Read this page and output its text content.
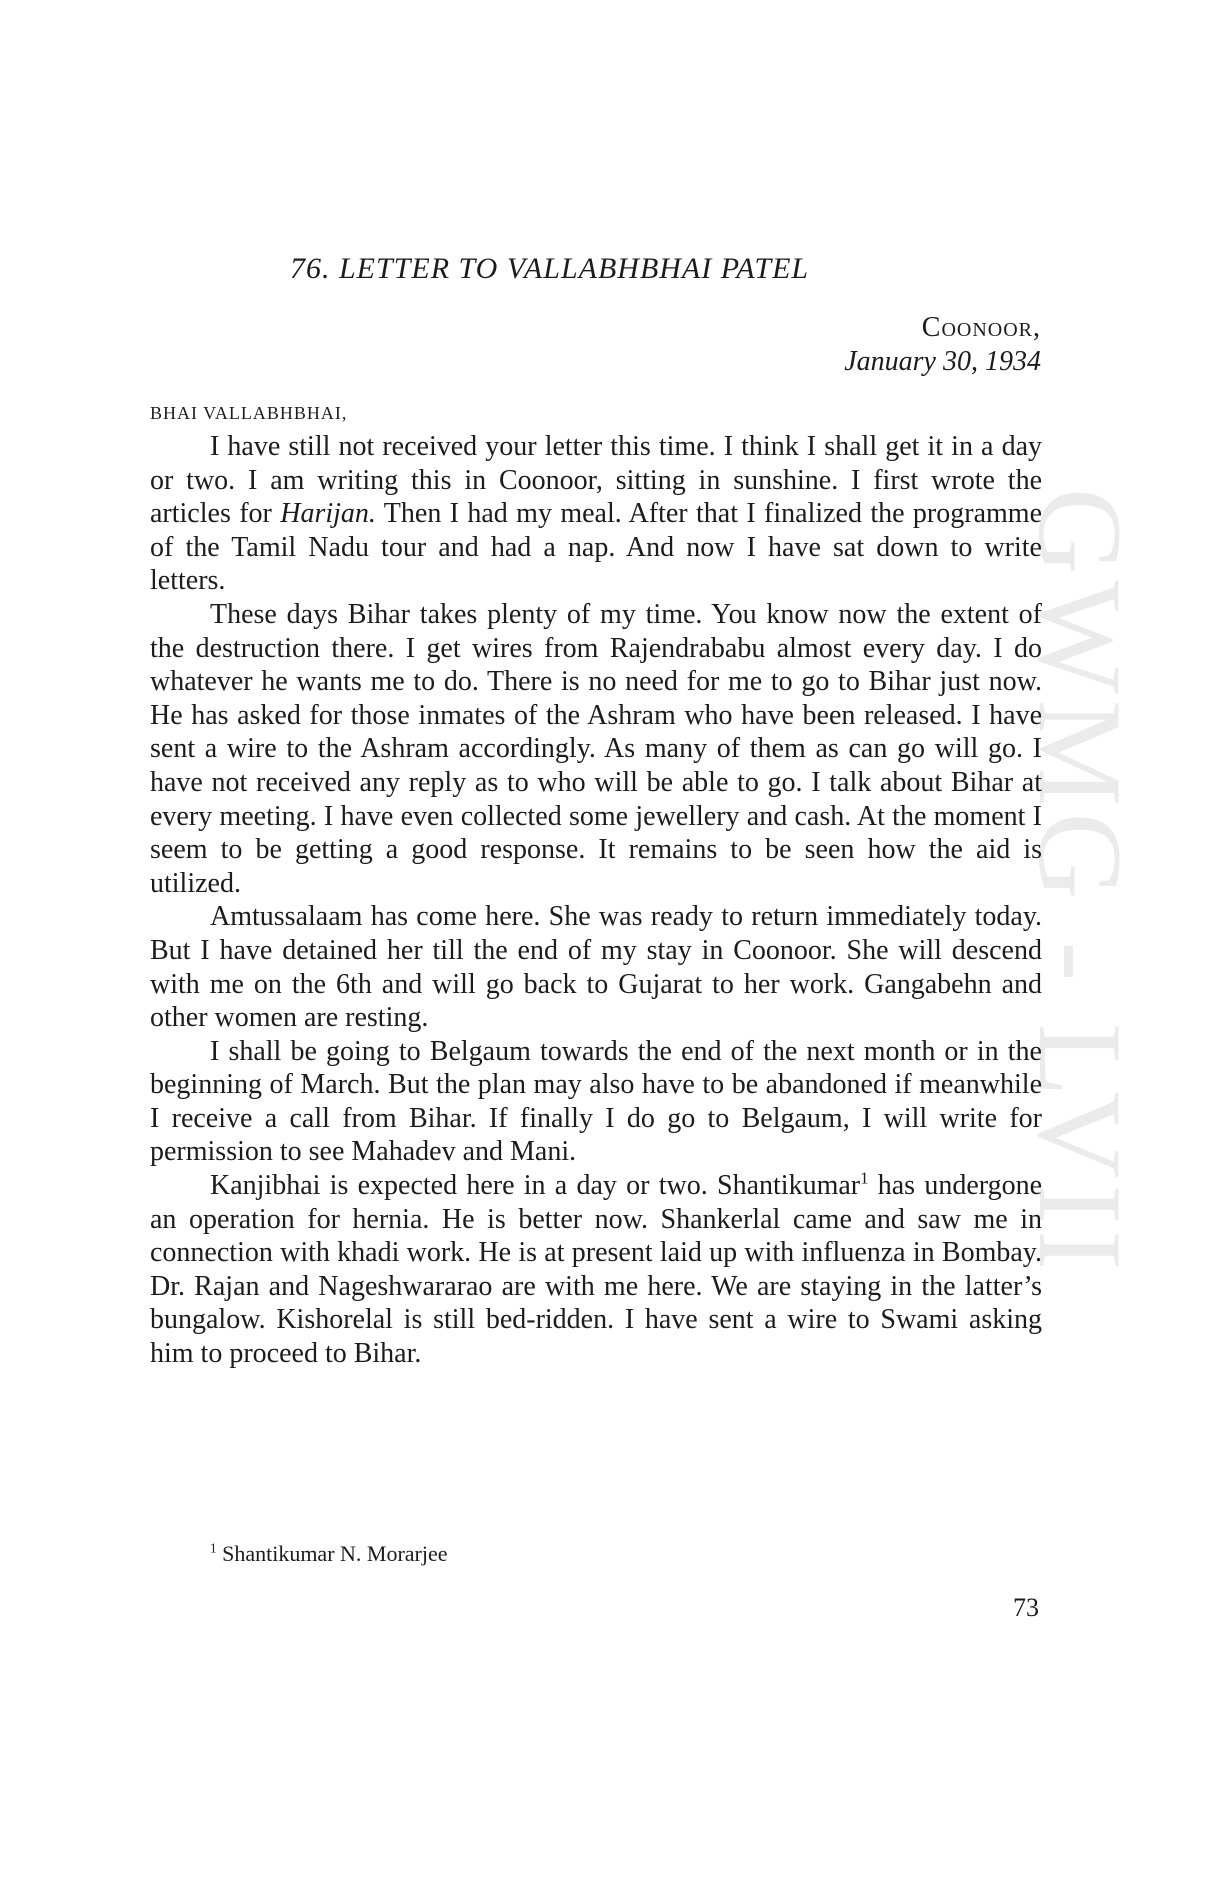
GWMG - LVII
76. LETTER TO VALLABHBHAI PATEL
Coonoor,
January 30, 1934
BHAI VALLABHBHAI,

I have still not received your letter this time. I think I shall get it in a day or two. I am writing this in Coonoor, sitting in sunshine. I first wrote the articles for Harijan. Then I had my meal. After that I finalized the programme of the Tamil Nadu tour and had a nap. And now I have sat down to write letters.

These days Bihar takes plenty of my time. You know now the extent of the destruction there. I get wires from Rajendrababu almost every day. I do whatever he wants me to do. There is no need for me to go to Bihar just now. He has asked for those inmates of the Ashram who have been released. I have sent a wire to the Ashram accordingly. As many of them as can go will go. I have not received any reply as to who will be able to go. I talk about Bihar at every meeting. I have even collected some jewellery and cash. At the moment I seem to be getting a good response. It remains to be seen how the aid is utilized.

Amtussalaam has come here. She was ready to return immediately today. But I have detained her till the end of my stay in Coonoor. She will descend with me on the 6th and will go back to Gujarat to her work. Gangabehn and other women are resting.

I shall be going to Belgaum towards the end of the next month or in the beginning of March. But the plan may also have to be abandoned if meanwhile I receive a call from Bihar. If finally I do go to Belgaum, I will write for permission to see Mahadev and Mani.

Kanjibhai is expected here in a day or two. Shantikumar$^1$ has undergone an operation for hernia. He is better now. Shankerlal came and saw me in connection with khadi work. He is at present laid up with influenza in Bombay. Dr. Rajan and Nageshwararao are with me here. We are staying in the latter’s bungalow. Kishorelal is still bed-ridden. I have sent a wire to Swami asking him to proceed to Bihar.

$^1$ Shantikumar N. Morarjee
73
